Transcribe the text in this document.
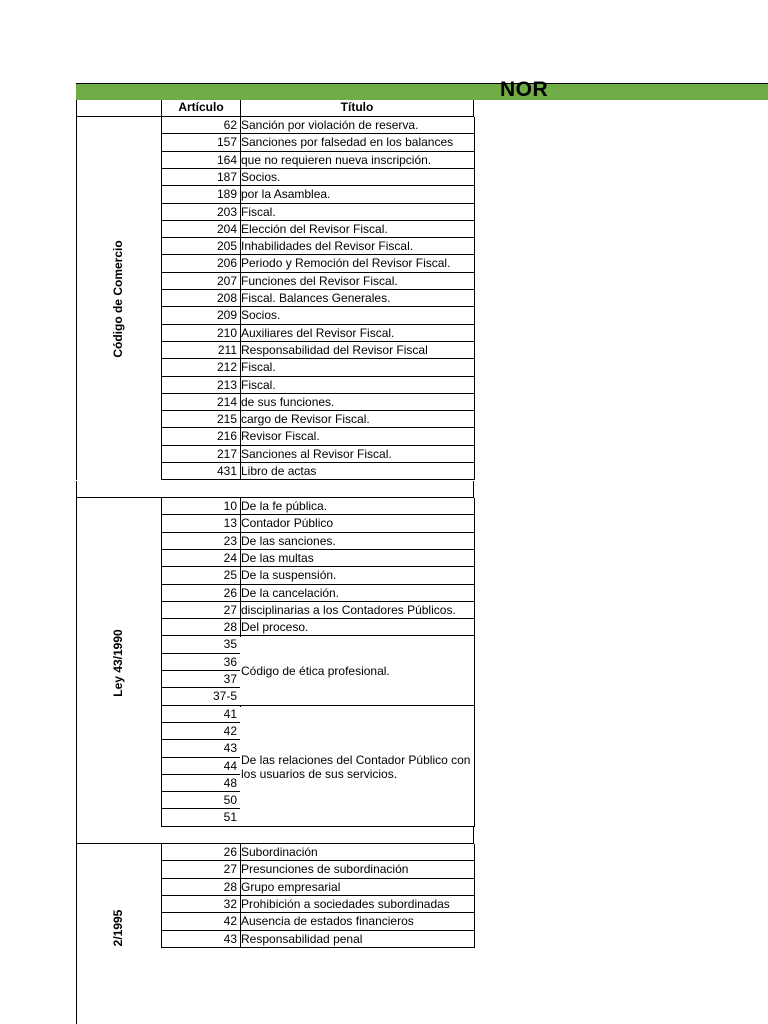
NOR
Artículo	Título
Código de Comercio
62 Sanción por violación de reserva.
157 Sanciones por falsedad en los balances
164 que no requieren nueva inscripción.
187 Socios.
189 por la Asamblea.
203 Fiscal.
204 Elección del Revisor Fiscal.
205 Inhabilidades del Revisor Fiscal.
206 Periodo y Remoción del Revisor Fiscal.
207 Funciones del Revisor Fiscal.
208 Fiscal. Balances Generales.
209 Socios.
210 Auxiliares del Revisor Fiscal.
211 Responsabilidad del Revisor Fiscal
212 Fiscal.
213 Fiscal.
214 de sus funciones.
215 cargo de Revisor Fiscal.
216 Revisor Fiscal.
217 Sanciones al Revisor Fiscal.
431 Libro de actas
Ley 43/1990
10 De la fe pública.
13 Contador Público
23 De las sanciones.
24 De las multas
25 De la suspensión.
26 De la cancelación.
27 disciplinarias a los Contadores Públicos.
28 Del proceso.
35
36
37
37-5
41
42
43
44
48
50
51
Código de ética profesional.
De las relaciones del Contador Público con los usuarios de sus servicios.
2/1995
26 Subordinación
27 Presunciones de subordinación
28 Grupo empresarial
32 Prohibición a sociedades subordinadas
42 Ausencia de estados financieros
43 Responsabilidad penal
